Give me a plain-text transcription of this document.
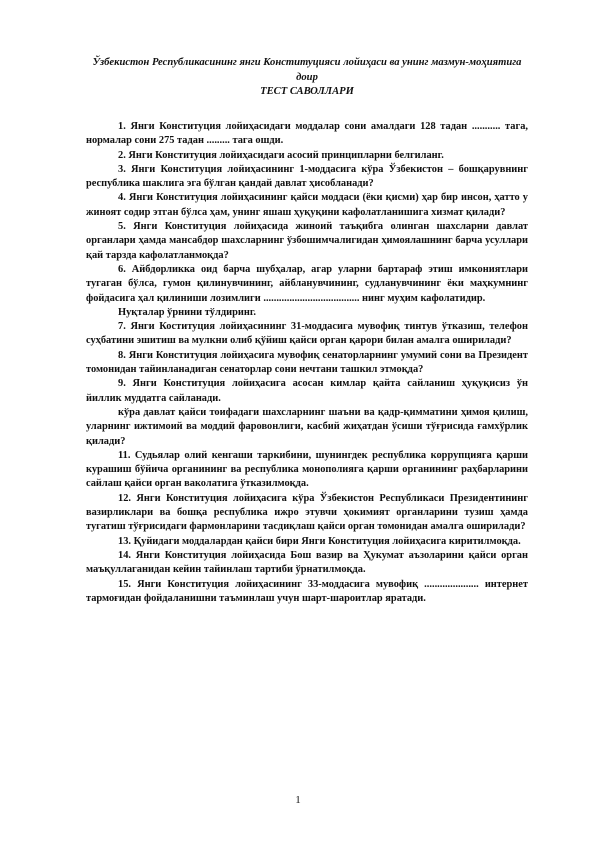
Ўзбекистон Республикасининг янги Конституцияси лойиҳаси ва унинг мазмун-моҳиятига доир

ТЕСТ САВОЛЛАРИ

1. Янги Конституция лойиҳасидаги моддалар сони амалдаги 128 тадан ........... тага, нормалар сони 275 тадан ......... тага ошди.

2. Янги Конституция лойиҳасидаги асосий принципларни белгиланг.

3. Янги Конституция лойиҳасининг 1-моддасига кўра Ўзбекистон – бошқарувнинг республика шаклига эга бўлган қандай давлат ҳисобланади?

4. Янги Конституция лойиҳасининг қайси моддаси (ёки қисми) ҳар бир инсон, ҳатто у жиноят содир этган бўлса ҳам, унинг яшаш ҳуқуқини кафолатланишига хизмат қилади?

5. Янги Конституция лойиҳасида жиноий таъқибга олинган шахсларни давлат органлари ҳамда мансабдор шахсларнинг ўзбошимчалигидан ҳимоялашнинг барча усуллари қай тарзда кафолатланмоқда?

6. Айбдорликка оид барча шубҳалар, агар уларни бартараф этиш имкониятлари тугаган бўлса, гумон қилинувчининг, айбланувчининг, судланувчининг ёки маҳкумнинг фойдасига ҳал қилиниши лозимлиги ..................................... нинг муҳим кафолатидир.

Нуқталар ўрнини тўлдиринг.

7. Янги Коституция лойиҳасининг 31-моддасига мувофиқ тинтув ўтказиш, телефон суҳбатини эшитиш ва мулкни олиб қўйиш қайси орган қарори билан амалга оширилади?

8. Янги Конституция лойиҳасига мувофиқ сенаторларнинг умумий сони ва Президент томонидан тайинланадиган сенаторлар сони нечтани ташкил этмоқда?

9. Янги Конституция лойиҳасига асосан кимлар қайта сайланиш ҳуқуқисиз ўн йиллик муддатга сайланади.

кўра давлат қайси тоифадаги шахсларнинг шаъни ва қадр-қимматини ҳимоя қилиш, уларнинг ижтимоий ва моддий фаровонлиги, касбий жиҳатдан ўсиши тўғрисида ғамхўрлик қилади?

11. Судьялар олий кенгаши таркибини, шунингдек республика коррупцияга қарши курашиш бўйича органининг ва республика монополияга қарши органининг раҳбарларини сайлаш қайси орган ваколатига ўтказилмоқда.

12. Янги Конституция лойиҳасига кўра Ўзбекистон Республикаси Президентининг вазирликлари ва бошқа республика ижро этувчи ҳокимият органларини тузиш ҳамда тугатиш тўғрисидаги фармонларини тасдиқлаш қайси орган томонидан амалга оширилади?

13. Қуйидаги моддалардан қайси бири Янги Конституция лойиҳасига киритилмоқда.

14. Янги Конституция лойиҳасида Бош вазир ва Ҳукумат аъзоларини қайси орган маъқуллаганидан кейин тайинлаш тартиби ўрнатилмоқда.

15. Янги Конституция лойиҳасининг 33-моддасига мувофиқ ..................... интернет тармоғидан фойдаланишни таъминлаш учун шарт-шароитлар яратади.

1
